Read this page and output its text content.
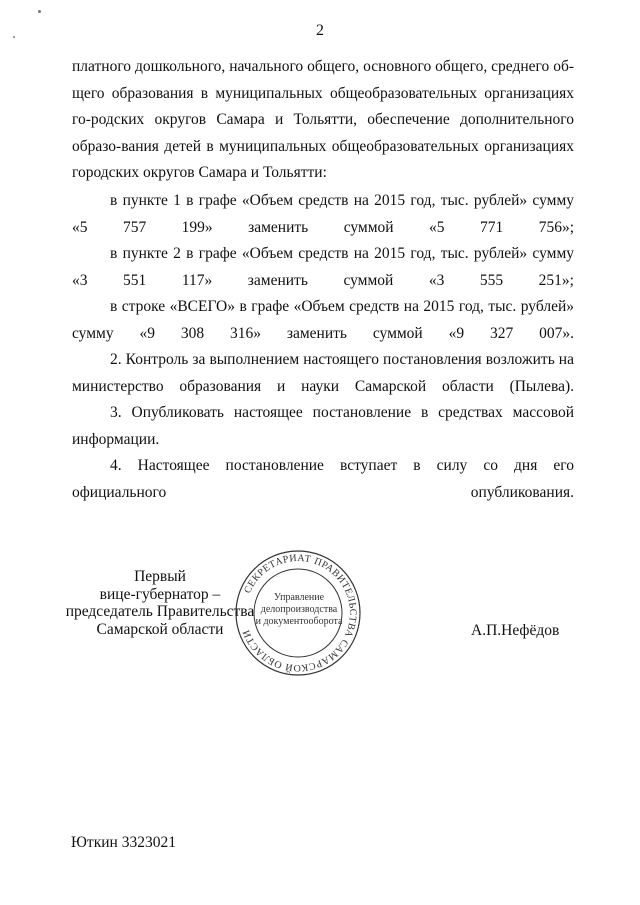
2
платного дошкольного, начального общего, основного общего, среднего об-щего образования в муниципальных общеобразовательных организациях го-родских округов Самара и Тольятти, обеспечение дополнительного образо-вания детей в муниципальных общеобразовательных организациях городских округов Самара и Тольятти:
в пункте 1 в графе «Объем средств на 2015 год, тыс. рублей» сумму «5 757 199» заменить суммой «5 771 756»;
в пункте 2 в графе «Объем средств на 2015 год, тыс. рублей» сумму «3 551 117» заменить суммой «3 555 251»;
в строке «ВСЕГО» в графе «Объем средств на 2015 год, тыс. рублей» сумму «9 308 316» заменить суммой «9 327 007».
2. Контроль за выполнением настоящего постановления возложить на министерство образования и науки Самарской области (Пылева).
3. Опубликовать настоящее постановление в средствах массовой информации.
4. Настоящее постановление вступает в силу со дня его официального опубликования.
Первый
вице-губернатор –
председатель Правительства
Самарской области
СЕКРЕТАРИАТ ПРАВИТЕЛЬСТВА САМАРСКОЙ ОБЛАСТИ
Управление
делопроизводства
и документооборота
А.П.Нефёдов
Юткин 3323021
